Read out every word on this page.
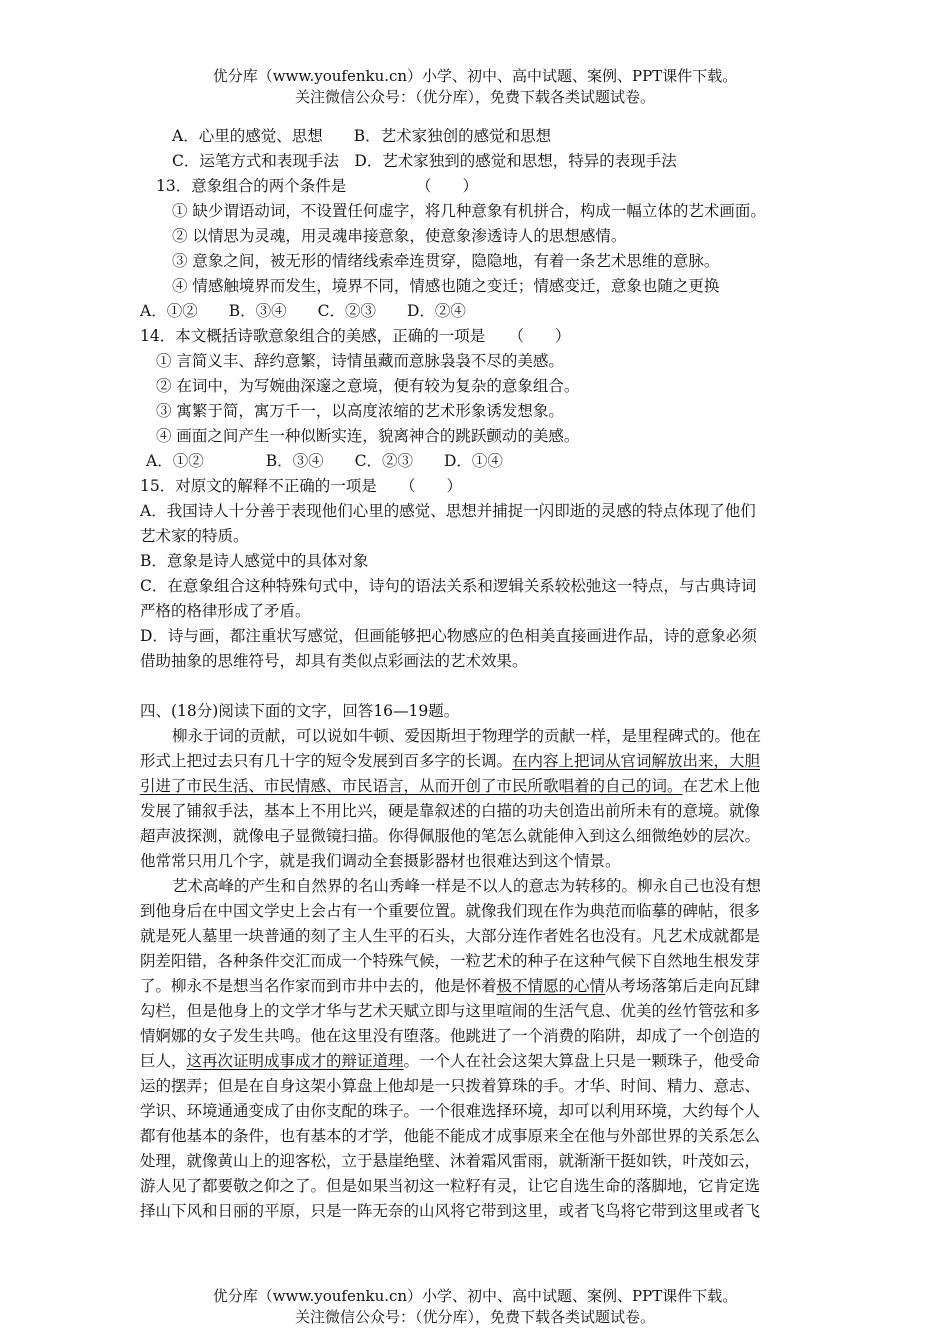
优分库（www.youfenku.cn）小学、初中、高中试题、案例、PPT课件下载。
关注微信公众号：（优分库），免费下载各类试题试卷。
A．心里的感觉、思想　　B．艺术家独创的感觉和思想
C．运笔方式和表现手法　D．艺术家独到的感觉和思想，特异的表现手法
13．意象组合的两个条件是　　　　　（　　）
① 缺少谓语动词，不设置任何虚字，将几种意象有机拼合，构成一幅立体的艺术画面。
② 以情思为灵魂，用灵魂串接意象，使意象渗透诗人的思想感情。
③ 意象之间，被无形的情绪线索牵连贯穿，隐隐地，有着一条艺术思维的意脉。
④ 情感触境界而发生，境界不同，情感也随之变迁；情感变迁，意象也随之更换
A．①②　　B．③④　　C．②③　　D．②④
14．本文概括诗歌意象组合的美感，正确的一项是　　（　　）
① 言简义丰、辞约意繁，诗情虽藏而意脉袅袅不尽的美感。
② 在词中，为写婉曲深邃之意境，便有较为复杂的意象组合。
③ 寓繁于简，寓万千一，以高度浓缩的艺术形象诱发想象。
④ 画面之间产生一种似断实连，貌离神合的跳跃颤动的美感。
A．①②　　　　B．③④　　C．②③　　D．①④
15．对原文的解释不正确的一项是　　（　　）
A．我国诗人十分善于表现他们心里的感觉、思想并捕捉一闪即逝的灵感的特点体现了他们
艺术家的特质。
B．意象是诗人感觉中的具体对象
C．在意象组合这种特殊句式中，诗句的语法关系和逻辑关系较松弛这一特点，与古典诗词
严格的格律形成了矛盾。
D．诗与画，都注重状写感觉，但画能够把心物感应的色相美直接画进作品，诗的意象必须
借助抽象的思维符号，却具有类似点彩画法的艺术效果。
四、(18分)阅读下面的文字，回答16—19题。
柳永于词的贡献，可以说如牛顿、爱因斯坦于物理学的贡献一样，是里程碑式的。他在
形式上把过去只有几十字的短令发展到百多字的长调。在内容上把词从官词解放出来，大胆
引进了市民生活、市民情感、市民语言，从而开创了市民所歌唱着的自己的词。在艺术上他
发展了铺叙手法，基本上不用比兴，硬是靠叙述的白描的功夫创造出前所未有的意境。就像
超声波探测，就像电子显微镜扫描。你得佩服他的笔怎么就能伸入到这么细微绝妙的层次。
他常常只用几个字，就是我们调动全套摄影器材也很难达到这个情景。
艺术高峰的产生和自然界的名山秀峰一样是不以人的意志为转移的。柳永自己也没有想
到他身后在中国文学史上会占有一个重要位置。就像我们现在作为典范而临摹的碑帖，很多
就是死人墓里一块普通的刻了主人生平的石头，大部分连作者姓名也没有。凡艺术成就都是
阴差阳错，各种条件交汇而成一个特殊气候，一粒艺术的种子在这种气候下自然地生根发芽
了。柳永不是想当名作家而到市井中去的，他是怀着极不情愿的心情从考场落第后走向瓦肆
勾栏，但是他身上的文学才华与艺术天赋立即与这里喧闹的生活气息、优美的丝竹管弦和多
情婀娜的女子发生共鸣。他在这里没有堕落。他跳进了一个消费的陷阱，却成了一个创造的
巨人，这再次证明成事成才的辩证道理。一个人在社会这架大算盘上只是一颗珠子，他受命
运的摆弄；但是在自身这架小算盘上他却是一只拨着算珠的手。才华、时间、精力、意志、
学识、环境通通变成了由你支配的珠子。一个很难选择环境，却可以利用环境，大约每个人
都有他基本的条件，也有基本的才学，他能不能成才成事原来全在他与外部世界的关系怎么
处理，就像黄山上的迎客松，立于悬崖绝壁、沐着霜风雷雨，就渐渐干挺如铁，叶茂如云，
游人见了都要敬之仰之了。但是如果当初这一粒籽有灵，让它自选生命的落脚地，它肯定选
择山下风和日丽的平原，只是一阵无奈的山风将它带到这里，或者飞鸟将它带到这里或者飞
优分库（www.youfenku.cn）小学、初中、高中试题、案例、PPT课件下载。
关注微信公众号：（优分库），免费下载各类试题试卷。
